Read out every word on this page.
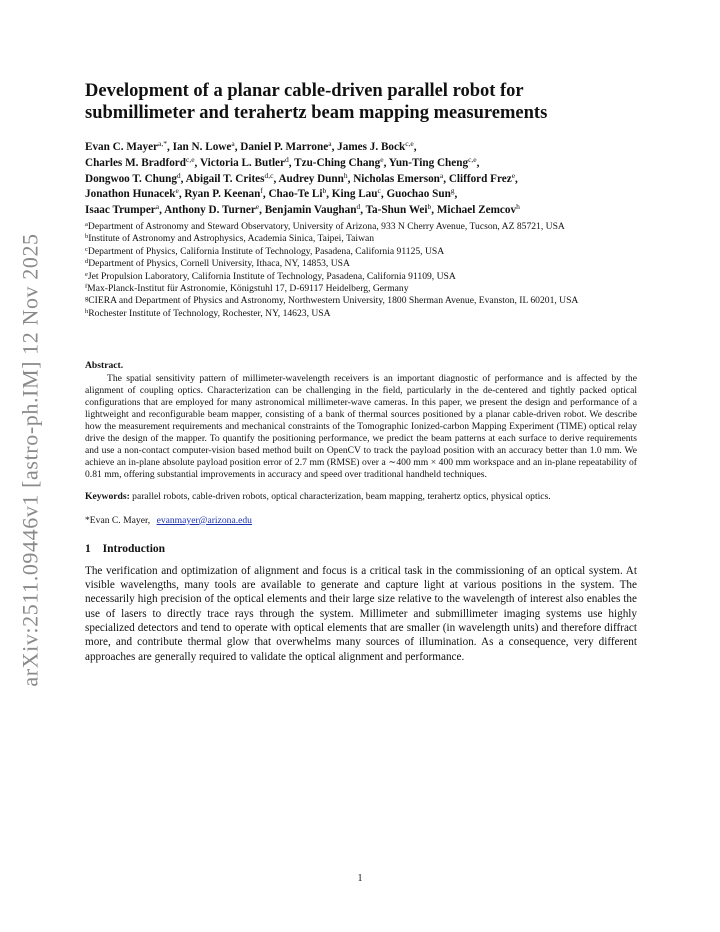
arXiv:2511.09446v1 [astro-ph.IM] 12 Nov 2025
Development of a planar cable-driven parallel robot for
submillimeter and terahertz beam mapping measurements
Evan C. Mayer$^{a,*}$, Ian N. Lowe$^a$, Daniel P. Marrone$^a$, James J. Bock$^{c,e}$,
Charles M. Bradford$^{c,e}$, Victoria L. Butler$^d$, Tzu-Ching Chang$^e$, Yun-Ting Cheng$^{c,e}$,
Dongwoo T. Chung$^d$, Abigail T. Crites$^{d,c}$, Audrey Dunn$^h$, Nicholas Emerson$^a$, Clifford Frez$^e$,
Jonathon Hunacek$^e$, Ryan P. Keenan$^f$, Chao-Te Li$^b$, King Lau$^c$, Guochao Sun$^g$,
Isaac Trumper$^a$, Anthony D. Turner$^e$, Benjamin Vaughan$^d$, Ta-Shun Wei$^b$, Michael Zemcov$^h$
$^a$Department of Astronomy and Steward Observatory, University of Arizona, 933 N Cherry Avenue, Tucson, AZ 85721, USA
$^b$Institute of Astronomy and Astrophysics, Academia Sinica, Taipei, Taiwan
$^c$Department of Physics, California Institute of Technology, Pasadena, California 91125, USA
$^d$Department of Physics, Cornell University, Ithaca, NY, 14853, USA
$^e$Jet Propulsion Laboratory, California Institute of Technology, Pasadena, California 91109, USA
$^f$Max-Planck-Institut für Astronomie, Königstuhl 17, D-69117 Heidelberg, Germany
$^g$CIERA and Department of Physics and Astronomy, Northwestern University, 1800 Sherman Avenue, Evanston, IL 60201, USA
$^h$Rochester Institute of Technology, Rochester, NY, 14623, USA
Abstract.
The spatial sensitivity pattern of millimeter-wavelength receivers is an important diagnostic of performance and is affected by the alignment of coupling optics. Characterization can be challenging in the field, particularly in the de-centered and tightly packed optical configurations that are employed for many astronomical millimeter-wave cameras. In this paper, we present the design and performance of a lightweight and reconfigurable beam mapper, consisting of a bank of thermal sources positioned by a planar cable-driven robot. We describe how the measurement requirements and mechanical constraints of the Tomographic Ionized-carbon Mapping Experiment (TIME) optical relay drive the design of the mapper. To quantify the positioning performance, we predict the beam patterns at each surface to derive requirements and use a non-contact computer-vision based method built on OpenCV to track the payload position with an accuracy better than 1.0 mm. We achieve an in-plane absolute payload position error of 2.7 mm (RMSE) over a ∼400 mm × 400 mm workspace and an in-plane repeatability of 0.81 mm, offering substantial improvements in accuracy and speed over traditional handheld techniques.
Keywords: parallel robots, cable-driven robots, optical characterization, beam mapping, terahertz optics, physical optics.
*Evan C. Mayer, evanmayer@arizona.edu
1 Introduction

The verification and optimization of alignment and focus is a critical task in the commissioning of an optical system. At visible wavelengths, many tools are available to generate and capture light at various positions in the system. The necessarily high precision of the optical elements and their large size relative to the wavelength of interest also enables the use of lasers to directly trace rays through the system. Millimeter and submillimeter imaging systems use highly specialized detectors and tend to operate with optical elements that are smaller (in wavelength units) and therefore diffract more, and contribute thermal glow that overwhelms many sources of illumination. As a consequence, very different approaches are generally required to validate the optical alignment and performance.

1
